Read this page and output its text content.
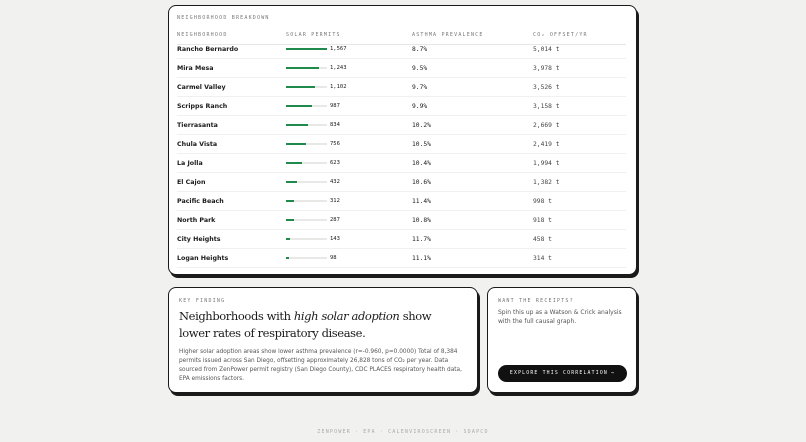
NEIGHBORHOOD BREAKDOWN
NEIGHBORHOOD	SOLAR PERMITS	ASTHMA PREVALENCE	CO₂ OFFSET/YR
Rancho Bernardo	1,567	8.7%	5,014 t
Mira Mesa	1,243	9.5%	3,978 t
Carmel Valley	1,102	9.7%	3,526 t
Scripps Ranch	987	9.9%	3,158 t
Tierrasanta	834	10.2%	2,669 t
Chula Vista	756	10.5%	2,419 t
La Jolla	623	10.4%	1,994 t
El Cajon	432	10.6%	1,382 t
Pacific Beach	312	11.4%	998 t
North Park	287	10.8%	918 t
City Heights	143	11.7%	458 t
Logan Heights	98	11.1%	314 t
KEY FINDING
Neighborhoods with high solar adoption show lower rates of respiratory disease.
Higher solar adoption areas show lower asthma prevalence (r=-0.960, p=0.0000) Total of 8,384 permits issued across San Diego, offsetting approximately 26,828 tons of CO₂ per year. Data sourced from ZenPower permit registry (San Diego County), CDC PLACES respiratory health data, EPA emissions factors.
WANT THE RECEIPTS?
Spin this up as a Watson & Crick analysis with the full causal graph.
EXPLORE THIS CORRELATION →
ZENPOWER · EPA · CALENVIROSCREEN · SDAPCD
